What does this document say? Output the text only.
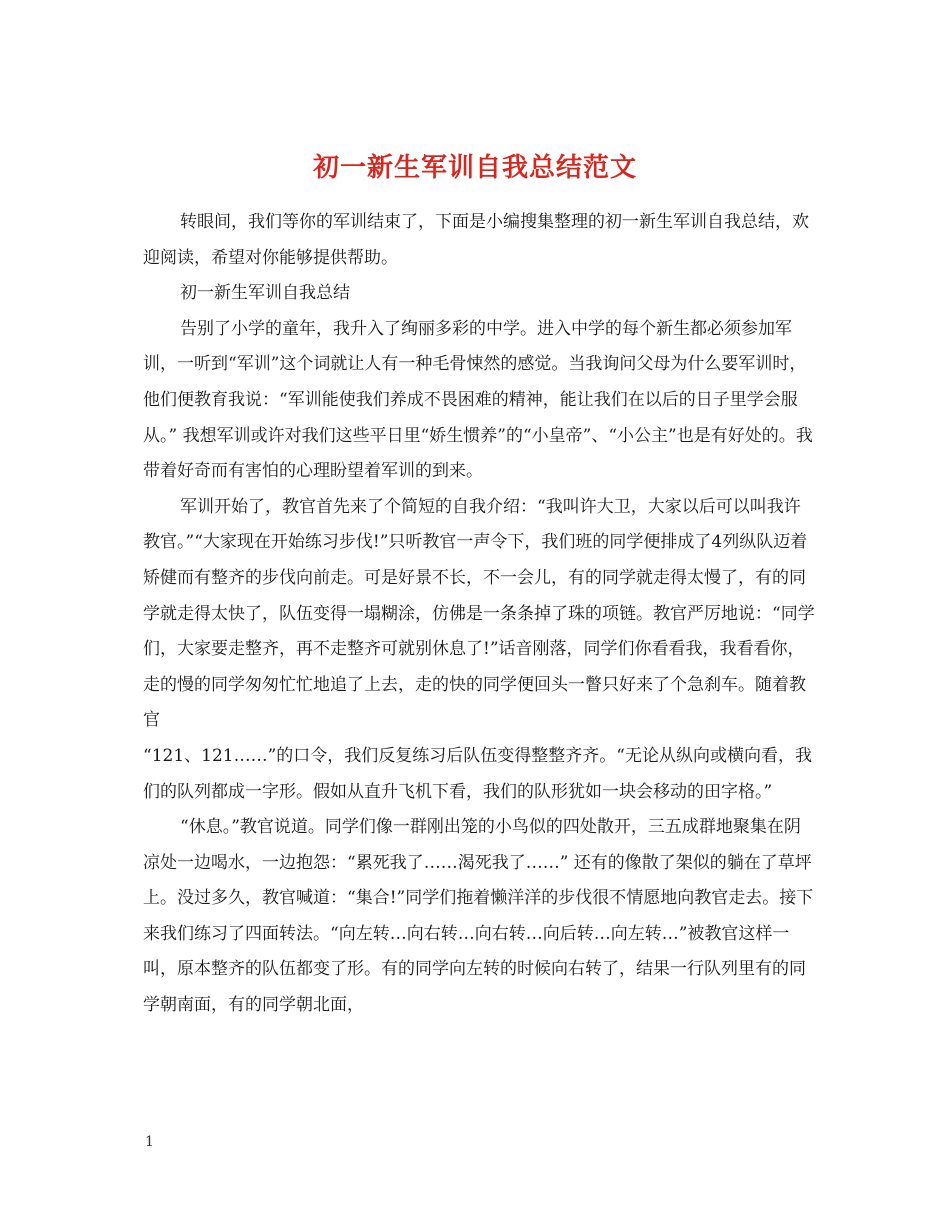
初一新生军训自我总结范文

转眼间，我们等你的军训结束了，下面是小编搜集整理的初一新生军训自我总结，欢迎阅读，希望对你能够提供帮助。

初一新生军训自我总结

告别了小学的童年，我升入了绚丽多彩的中学。进入中学的每个新生都必须参加军训，一听到“军训”这个词就让人有一种毛骨悚然的感觉。当我询问父母为什么要军训时，他们便教育我说：“军训能使我们养成不畏困难的精神，能让我们在以后的日子里学会服从。” 我想军训或许对我们这些平日里“娇生惯养”的“小皇帝”、“小公主”也是有好处的。我带着好奇而有害怕的心理盼望着军训的到来。

军训开始了，教官首先来了个简短的自我介绍：“我叫许大卫，大家以后可以叫我许教官。”“大家现在开始练习步伐!”只听教官一声令下，我们班的同学便排成了4列纵队迈着矫健而有整齐的步伐向前走。可是好景不长，不一会儿，有的同学就走得太慢了，有的同学就走得太快了，队伍变得一塌糊涂，仿佛是一条条掉了珠的项链。教官严厉地说：“同学们，大家要走整齐，再不走整齐可就别休息了!”话音刚落，同学们你看看我，我看看你，走的慢的同学匆匆忙忙地追了上去，走的快的同学便回头一瞥只好来了个急刹车。随着教官

“121、121……”的口令，我们反复练习后队伍变得整整齐齐。“无论从纵向或横向看，我们的队列都成一字形。假如从直升飞机下看，我们的队形犹如一块会移动的田字格。”

“休息。”教官说道。同学们像一群刚出笼的小鸟似的四处散开，三五成群地聚集在阴凉处一边喝水，一边抱怨：“累死我了……渴死我了……” 还有的像散了架似的躺在了草坪上。没过多久，教官喊道：“集合!”同学们拖着懒洋洋的步伐很不情愿地向教官走去。接下来我们练习了四面转法。“向左转…向右转…向右转…向后转…向左转…”被教官这样一叫，原本整齐的队伍都变了形。有的同学向左转的时候向右转了，结果一行队列里有的同学朝南面，有的同学朝北面，

1
